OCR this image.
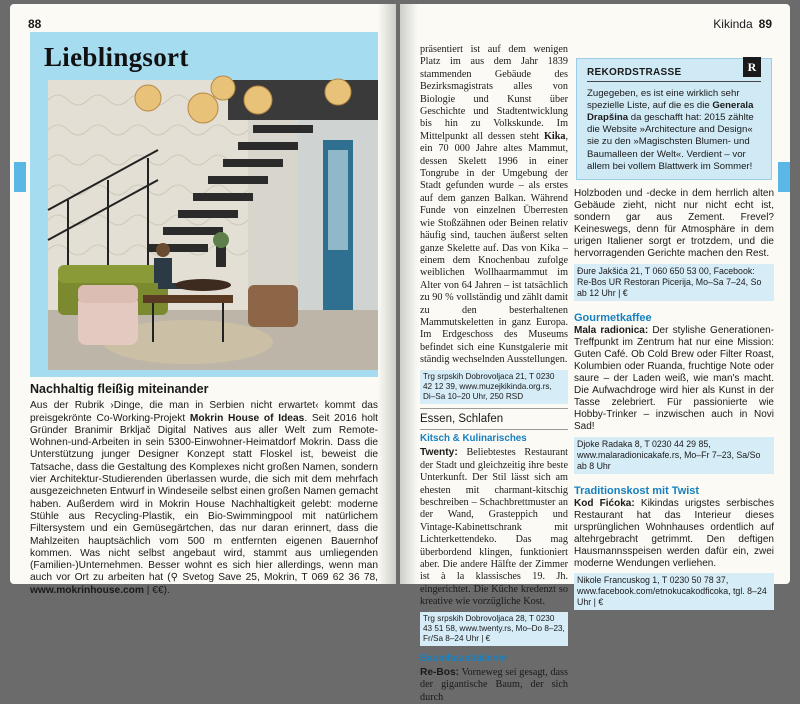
88
Lieblingsort
Nachhaltig fleißig miteinander

Aus der Rubrik ›Dinge, die man in Serbien nicht erwartet‹ kommt das preisgekrönte Co-Working-Projekt Mokrin House of Ideas. Seit 2016 holt Gründer Branimir Brkljač Digital Natives aus aller Welt zum Remote-Wohnen-und-Arbeiten in sein 5300-Einwohner-Heimatdorf Mokrin. Dass die Unterstützung junger Designer Konzept statt Floskel ist, beweist die Tatsache, dass die Gestaltung des Komplexes nicht großen Namen, sondern vier Architektur-Studierenden überlassen wurde, die sich mit dem mehrfach ausgezeichneten Entwurf in Windeseile selbst einen großen Namen gemacht haben. Außerdem wird in Mokrin House Nachhaltigkeit gelebt: moderne Stühle aus Recycling-Plastik, ein Bio-Swimmingpool mit natürlichem Filtersystem und ein Gemüsegärtchen, das nur daran erinnert, dass die Mahlzeiten hauptsächlich vom 500 m entfernten eigenen Bauernhof kommen. Was nicht selbst angebaut wird, stammt aus umliegenden (Familien-)Unternehmen. Besser wohnt es sich hier allerdings, wenn man auch vor Ort zu arbeiten hat (⚲ Svetog Save 25, Mokrin, T 069 62 36 78, www.mokrinhouse.com | €€).

Kikinda 89

präsentiert ist auf dem wenigen Platz im aus dem Jahr 1839 stammenden Gebäude des Bezirksmagistrats alles von Biologie und Kunst über Geschichte und Stadtentwicklung bis hin zu Volkskunde. Im Mittelpunkt all dessen steht Kika, ein 70 000 Jahre altes Mammut, dessen Skelett 1996 in einer Tongrube in der Umgebung der Stadt gefunden wurde – als erstes auf dem ganzen Balkan. Während Funde von einzelnen Überresten wie Stoßzähnen oder Beinen relativ häufig sind, tauchen äußerst selten ganze Skelette auf. Das von Kika – einem dem Knochenbau zufolge weiblichen Wollhaarmammut im Alter von 64 Jahren – ist tatsächlich zu 90 % vollständig und zählt damit zu den besterhaltenen Mammutskeletten in ganz Europa. Im Erdgeschoss des Museums befindet sich eine Kunstgalerie mit ständig wechselnden Ausstellungen.

Trg srpskih Dobrovoljaca 21, T 0230 42 12 39, www.muzejkikinda.org.rs, Di–Sa 10–20 Uhr, 250 RSD
Essen, Schlafen
Kitsch & Kulinarisches

Twenty: Beliebtestes Restaurant der Stadt und gleichzeitig ihre beste Unterkunft. Der Stil lässt sich am ehesten mit charmant-kitschig beschreiben – Schachbrettmuster an der Wand, Grasteppich und Vintage-Kabinettschrank mit Lichterkettendeko. Das mag überbordend klingen, funktioniert aber. Die andere Hälfte der Zimmer ist à la klassisches 19. Jh. eingerichtet. Die Küche kredenzt so kreative wie vorzügliche Kost.

Trg srpskih Dobrovoljaca 28, T 0230 43 51 58, www.twenty.rs, Mo–Do 8–23, Fr/Sa 8–24 Uhr | €
Baumhausitaliener

Re-Bos: Vorneweg sei gesagt, dass der gigantische Baum, der sich durch

REKORDSTRASSE	R

Zugegeben, es ist eine wirklich sehr spezielle Liste, auf die es die Generala Drapšina da geschafft hat: 2015 zählte die Website »Architecture and Design« sie zu den »Magischsten Blumen- und Baumalleen der Welt«. Verdient – vor allem bei vollem Blattwerk im Sommer!

Holzboden und -decke in dem herrlich alten Gebäude zieht, nicht nur nicht echt ist, sondern gar aus Zement. Frevel? Keineswegs, denn für Atmosphäre in dem urigen Italiener sorgt er trotzdem, und die hervorragenden Gerichte machen den Rest.

Đure Jakšića 21, T 060 650 53 00, Facebook: Re-Bos UR Restoran Picerija, Mo–Sa 7–24, So ab 12 Uhr | €
Gourmetkaffee

Mala radionica: Der stylishe Generationen-Treffpunkt im Zentrum hat nur eine Mission: Guten Café. Ob Cold Brew oder Filter Roast, Kolumbien oder Ruanda, fruchtige Note oder saure – der Laden weiß, wie man's macht. Die Aufwachdroge wird hier als Kunst in der Tasse zelebriert. Für passionierte wie Hobby-Trinker – inzwischen auch in Novi Sad!

Djoke Radaka 8, T 0230 44 29 85, www.malaradionicakafe.rs, Mo–Fr 7–23, Sa/So ab 8 Uhr
Traditionskost mit Twist

Kod Fićoka: Kikindas urigstes serbisches Restaurant hat das Interieur dieses ursprünglichen Wohnhauses ordentlich auf altehrgebracht getrimmt. Den deftigen Hausmannsspeisen werden dafür ein, zwei moderne Wendungen verliehen.

Nikole Francuskog 1, T 0230 50 78 37, www.facebook.com/etnokucakodficoka, tgl. 8–24 Uhr | €
